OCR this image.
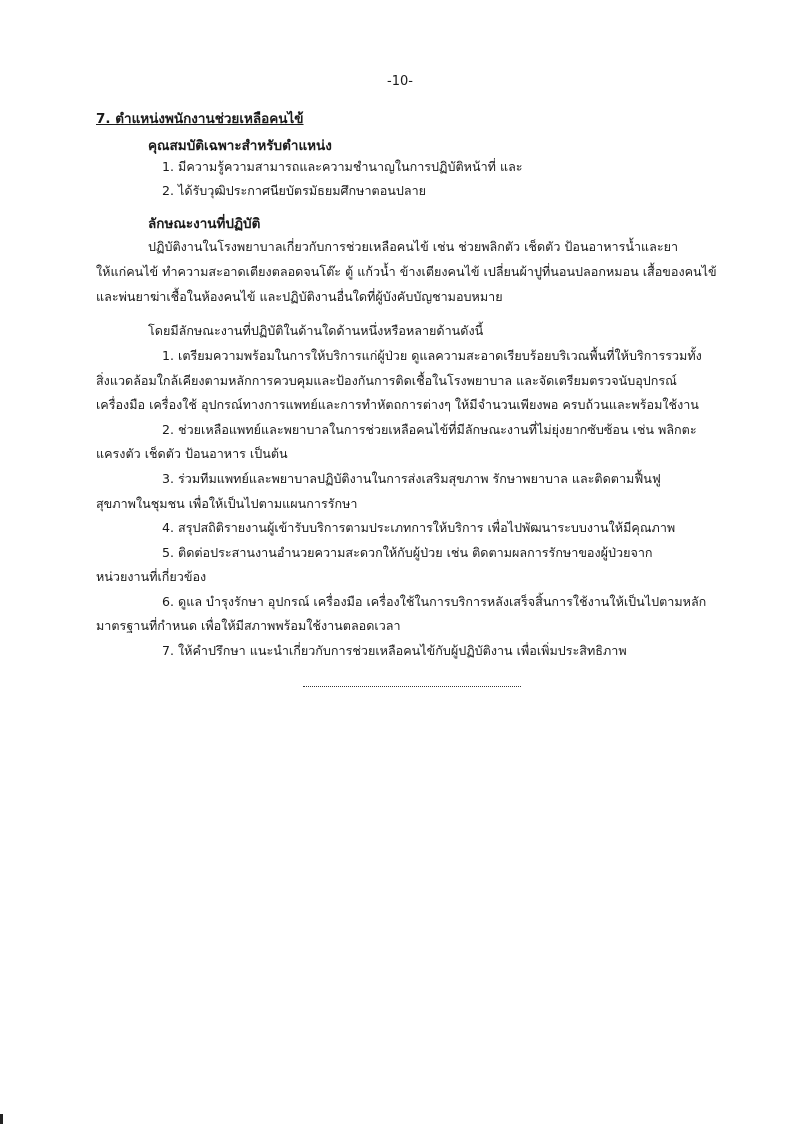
-10-
7. ตำแหน่งพนักงานช่วยเหลือคนไข้
คุณสมบัติเฉพาะสำหรับตำแหน่ง
1. มีความรู้ความสามารถและความชำนาญในการปฏิบัติหน้าที่ และ
2. ได้รับวุฒิประกาศนียบัตรมัธยมศึกษาตอนปลาย
ลักษณะงานที่ปฏิบัติ
ปฏิบัติงานในโรงพยาบาลเกี่ยวกับการช่วยเหลือคนไข้ เช่น ช่วยพลิกตัว เช็ดตัว ป้อนอาหารน้ำและยา
ให้แก่คนไข้ ทำความสะอาดเตียงตลอดจนโต๊ะ ตู้ แก้วน้ำ ข้างเตียงคนไข้ เปลี่ยนผ้าปูที่นอนปลอกหมอน เสื้อของคนไข้
และพ่นยาฆ่าเชื้อในห้องคนไข้ และปฏิบัติงานอื่นใดที่ผู้บังคับบัญชามอบหมาย
โดยมีลักษณะงานที่ปฏิบัติในด้านใดด้านหนึ่งหรือหลายด้านดังนี้
1. เตรียมความพร้อมในการให้บริการแก่ผู้ป่วย ดูแลความสะอาดเรียบร้อยบริเวณพื้นที่ให้บริการรวมทั้ง
สิ่งแวดล้อมใกล้เคียงตามหลักการควบคุมและป้องกันการติดเชื้อในโรงพยาบาล และจัดเตรียมตรวจนับอุปกรณ์
เครื่องมือ เครื่องใช้ อุปกรณ์ทางการแพทย์และการทำหัตถการต่างๆ ให้มีจำนวนเพียงพอ ครบถ้วนและพร้อมใช้งาน
2. ช่วยเหลือแพทย์และพยาบาลในการช่วยเหลือคนไข้ที่มีลักษณะงานที่ไม่ยุ่งยากซับซ้อน เช่น พลิกตะ
แครงตัว เช็ดตัว ป้อนอาหาร เป็นต้น
3. ร่วมทีมแพทย์และพยาบาลปฏิบัติงานในการส่งเสริมสุขภาพ รักษาพยาบาล และติดตามฟื้นฟู
สุขภาพในชุมชน เพื่อให้เป็นไปตามแผนการรักษา
4. สรุปสถิติรายงานผู้เข้ารับบริการตามประเภทการให้บริการ เพื่อไปพัฒนาระบบงานให้มีคุณภาพ
5. ติดต่อประสานงานอำนวยความสะดวกให้กับผู้ป่วย เช่น ติดตามผลการรักษาของผู้ป่วยจาก
หน่วยงานที่เกี่ยวข้อง
6. ดูแล บำรุงรักษา อุปกรณ์ เครื่องมือ เครื่องใช้ในการบริการหลังเสร็จสิ้นการใช้งานให้เป็นไปตามหลัก
มาตรฐานที่กำหนด เพื่อให้มีสภาพพร้อมใช้งานตลอดเวลา
7. ให้คำปรึกษา แนะนำเกี่ยวกับการช่วยเหลือคนไข้กับผู้ปฏิบัติงาน เพื่อเพิ่มประสิทธิภาพ
